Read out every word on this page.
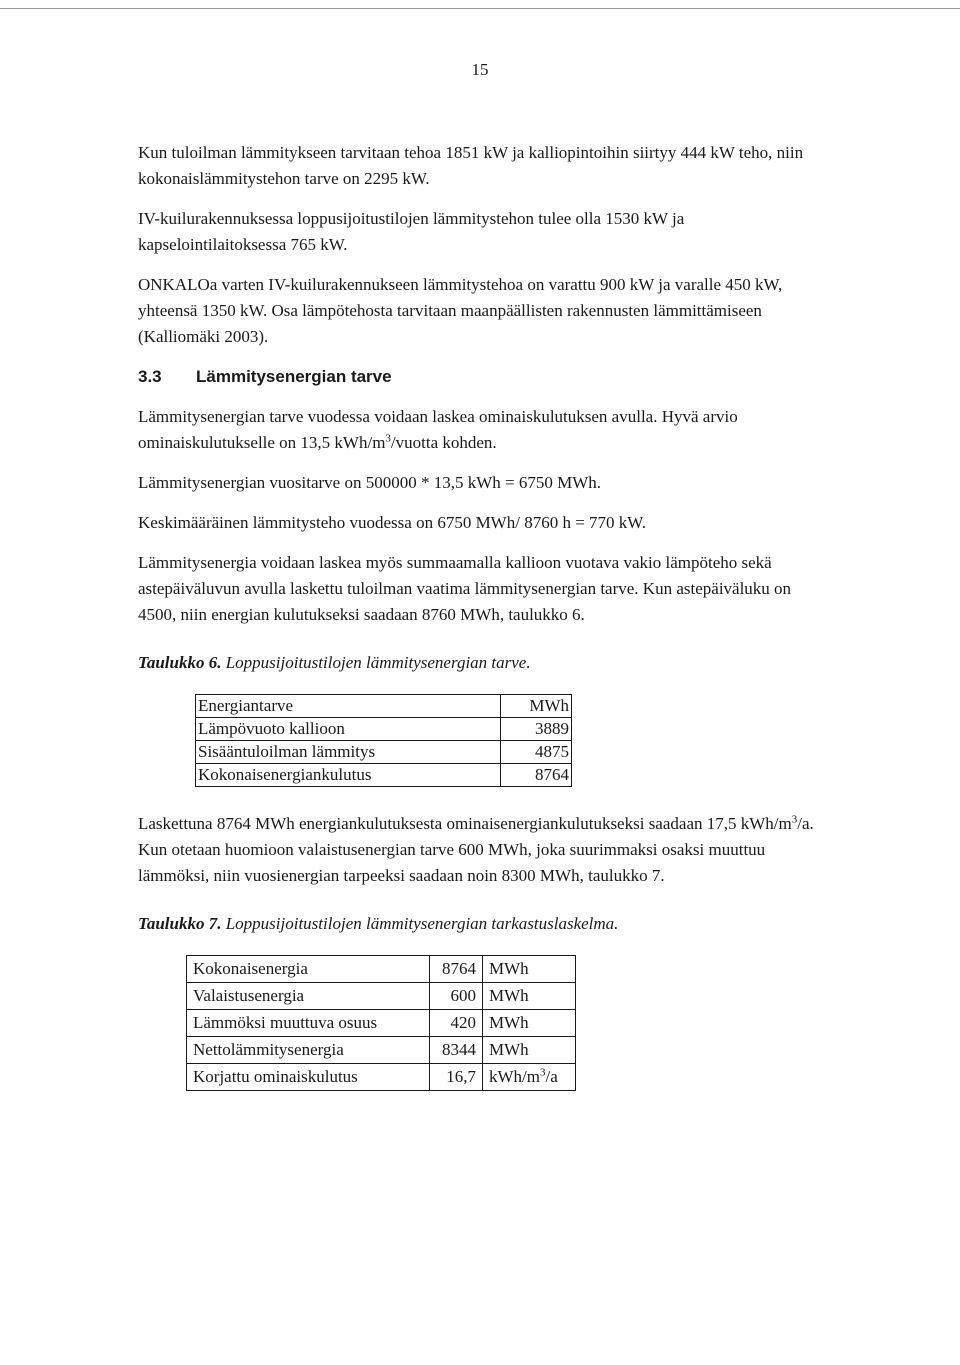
15

Kun tuloilman lämmitykseen tarvitaan tehoa 1851 kW ja kalliopintoihin siirtyy 444 kW teho, niin kokonaislämmitystehon tarve on 2295 kW.

IV-kuilurakennuksessa loppusijoitustilojen lämmitystehon tulee olla 1530 kW ja kapselointilaitoksessa 765 kW.

ONKALOa varten IV-kuilurakennukseen lämmitystehoa on varattu 900 kW ja varalle 450 kW, yhteensä 1350 kW. Osa lämpötehosta tarvitaan maanpäällisten rakennusten lämmittämiseen (Kalliomäki 2003).

3.3 Lämmitysenergian tarve

Lämmitysenergian tarve vuodessa voidaan laskea ominaiskulutuksen avulla. Hyvä arvio ominaiskulutukselle on 13,5 kWh/$m^3$/vuotta kohden.

Lämmitysenergian vuositarve on 500000 * 13,5 kWh = 6750 MWh.

Keskimääräinen lämmitysteho vuodessa on 6750 MWh/ 8760 h = 770 kW.

Lämmitysenergia voidaan laskea myös summaamalla kallioon vuotava vakio lämpöteho sekä astepäiväluvun avulla laskettu tuloilman vaatima lämmitysenergian tarve. Kun astepäiväluku on 4500, niin energian kulutukseksi saadaan 8760 MWh, taulukko 6.

Taulukko 6. Loppusijoitustilojen lämmitysenergian tarve.

Energiantarve	MWh
Lämpövuoto kallioon	3889
Sisääntuloilman lämmitys	4875
Kokonaisenergiankulutus	8764

Laskettuna 8764 MWh energiankulutuksesta ominaisenergiankulutukseksi saadaan 17,5 kWh/$m^3/a$. Kun otetaan huomioon valaistusenergian tarve 600 MWh, joka suurimmaksi osaksi muuttuu lämmöksi, niin vuosienergian tarpeeksi saadaan noin 8300 MWh, taulukko 7.

Taulukko 7. Loppusijoitustilojen lämmitysenergian tarkastuslaskelma.

Kokonaisenergia	8764	MWh
Valaistusenergia	600	MWh
Lämmöksi muuttuva osuus	420	MWh
Nettolämmitysenergia	8344	MWh
Korjattu ominaiskulutus	16,7	kWh/$m^3/a$
